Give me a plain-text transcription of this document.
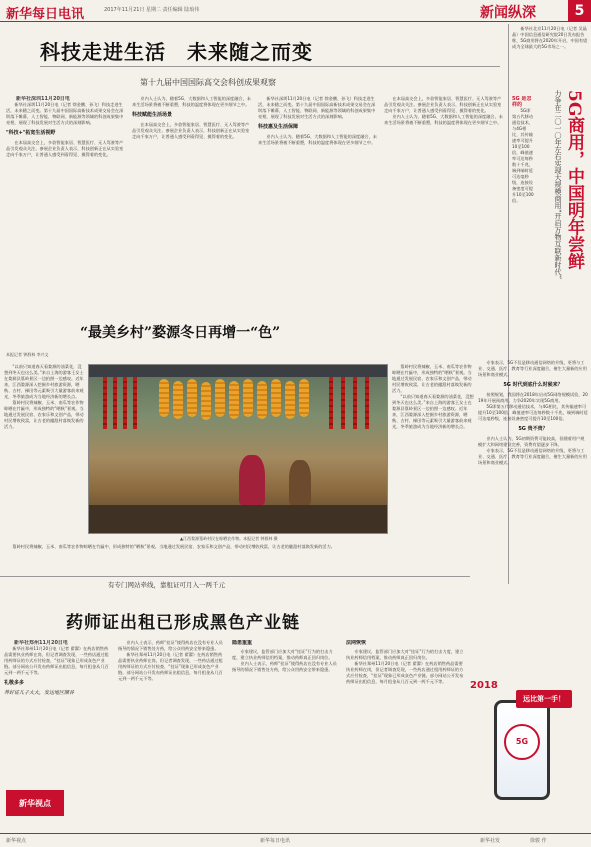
新华每日电讯	2017年11月21日 星期二 责任编辑 陆琅伟	新闻纵深	5
科技走进生活　未来随之而变
第十九届中国国际高交会科创成果观察

新华社深圳11月20日电

新华社深圳11月20日电（记者 徐金鹏、孙飞）科技走进生活，未来随之而变。第十九届中国国际高新技术成果交易会在深圳落下帷幕，人工智能、物联网、新能源等领域的科创成果集中亮相，展现了科技发展对生活方式的深刻影响。

"科技+"拓宽生活视野

在本届高交会上，多款智能家居、智慧医疗、无人驾驶等产品引发观众关注。参展企业负责人表示，科技创新正在从实验室走向千家万户，让普通人感受到看得见、摸得着的变化。

业内人士认为，随着5G、大数据和人工智能的深度融合，未来生活场景将被不断重塑，科技的温度将体现在更多细节之中。

科技赋能生活场景

在本届高交会上，多款智能家居、智慧医疗、无人驾驶等产品引发观众关注。参展企业负责人表示，科技创新正在从实验室走向千家万户，让普通人感受到看得见、摸得着的变化。

新华社深圳11月20日电（记者 徐金鹏、孙飞）科技走进生活，未来随之而变。第十九届中国国际高新技术成果交易会在深圳落下帷幕，人工智能、物联网、新能源等领域的科创成果集中亮相，展现了科技发展对生活方式的深刻影响。

科技惠及生活保障

业内人士认为，随着5G、大数据和人工智能的深度融合，未来生活场景将被不断重塑，科技的温度将体现在更多细节之中。

在本届高交会上，多款智能家居、智慧医疗、无人驾驶等产品引发观众关注。参展企业负责人表示，科技创新正在从实验室走向千家万户，让普通人感受到看得见、摸得着的变化。

业内人士认为，随着5G、大数据和人工智能的深度融合，未来生活场景将被不断重塑，科技的温度将体现在更多细节之中。

新华社北京11月20日电（记者 吴晶晶）中国信息通信研究院20日发布报告称，5G商用将在2020年开启，中国有望成为全球最大的5G市场之一。

5G商用，中国明年尝鲜
力争在二〇一〇年左右实现大规模商用“开启万物互联新时代”
5G 是怎样的

5G即第五代移动通信技术，与4G相比，其传输速率可提升10至100倍，峰值速率可达每秒数十千兆，端到端时延可达毫秒级，连接设备密度可提升10至100倍。

专家表示，5G不仅是移动通信网络的升级，更将与工业、交通、医疗、教育等行业深度融合，催生大量新的应用场景和商业模式。

5G 时代到底什么时候来？

按照规划，我国将在2018年启动5G网络规模试验，2019年开展预商用，力争2020年实现5G商用。

5G即第五代移动通信技术，与4G相比，其传输速率可提升10至100倍，峰值速率可达每秒数十千兆，端到端时延可达毫秒级，连接设备密度可提升10至100倍。

5G 贵不贵？

业内人士认为，5G初期资费可能较高，但随着用户规模扩大和网络建设完善，资费有望逐步下降。

专家表示，5G不仅是移动通信网络的升级，更将与工业、交通、医疗、教育等行业深度融合，催生大量新的应用场景和商业模式。

“最美乡村”婺源冬日再增一“色”
本报记者 钟群林 李兴文

“以前只知道春天看婺源的油菜花，没想到冬天也这么美。”来自上海的游客王女士在婺源县篁岭景区一边拍照一边感叹。近年来，江西婺源深入挖掘乡村旅游资源，晒秋、古村、梯田等元素吸引大量游客前来观光，冬季旅游成为当地经济新的增长点。

篁岭村民将辣椒、玉米、南瓜等农作物晾晒在竹匾中，形成独特的“晒秋”景观。当地通过发展民宿、农家乐和文创产品，带动村民增收致富，让古老的徽派村落焕发新的活力。

▲江西婺源篁岭村民在晾晒农作物。本报记者 钟群林 摄

篁岭村民将辣椒、玉米、南瓜等农作物晾晒在竹匾中，形成独特的“晒秋”景观。当地通过发展民宿、农家乐和文创产品，带动村民增收致富，让古老的徽派村落焕发新的活力。

“以前只知道春天看婺源的油菜花，没想到冬天也这么美。”来自上海的游客王女士在婺源县篁岭景区一边拍照一边感叹。近年来，江西婺源深入挖掘乡村旅游资源，晒秋、古村、梯田等元素吸引大量游客前来观光，冬季旅游成为当地经济新的增长点。

篁岭村民将辣椒、玉米、南瓜等农作物晾晒在竹匾中，形成独特的“晒秋”景观。当地通过发展民宿、农家乐和文创产品，带动村民增收致富，让古老的徽派村落焕发新的活力。

有专门网站牵线，靠租证可月入一两千元
药师证出租已形成黑色产业链

新华社郑州11月20日电

新华社郑州11月20日电（记者 翟濯）在药店销售药品需要执业药师在岗，但记者调查发现，一些药店通过租用药师证的方式应付检查，“挂证”现象已形成灰色产业链。部分网站公开发布药师证出租信息，每月租金从几百元到一两千元不等。

礼敬多多
养好证儿子大大，发达地区额谷

业内人士表示，药师“挂证”使得药店在没有专业人员指导的情况下销售处方药，给公众用药安全带来隐患。

新华社郑州11月20日电（记者 翟濯）在药店销售药品需要执业药师在岗，但记者调查发现，一些药店通过租用药师证的方式应付检查，“挂证”现象已形成灰色产业链。部分网站公开发布药师证出租信息，每月租金从几百元到一两千元不等。

隐患重重

专家建议，监管部门应加大对“挂证”行为的打击力度，建立执业药师信用档案，推动药师真正回归岗位。

业内人士表示，药师“挂证”使得药店在没有专业人员指导的情况下销售处方药，给公众用药安全带来隐患。

法网恢恢

专家建议，监管部门应加大对“挂证”行为的打击力度，建立执业药师信用档案，推动药师真正回归岗位。

新华社郑州11月20日电（记者 翟濯）在药店销售药品需要执业药师在岗，但记者调查发现，一些药店通过租用药师证的方式应付检查，“挂证”现象已形成灰色产业链。部分网站公开发布药师证出租信息，每月租金从几百元到一两千元不等。

新华视点
2018
远比第一手！
5G
新华视点	新华每日电讯	新华社发	徐骏 作
